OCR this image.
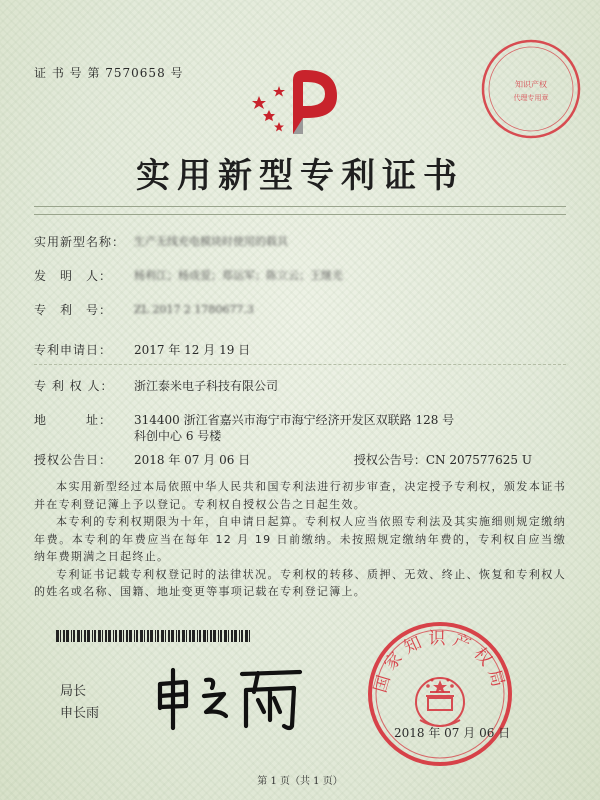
证 书 号 第 7570658 号
知识产权
代理专用章
实用新型专利证书
实用新型名称： 生产无线充电模块时使用的载具
发　明　人：	杨利江；杨成爱；郑运军；陈立云；王继光
专　利　号：	ZL 2017 2 1780677.3
专利申请日：	2017 年 12 月 19 日
专 利 权 人：	浙江泰米电子科技有限公司
地　　　址：	314400 浙江省嘉兴市海宁市海宁经济开发区双联路 128 号
科创中心 6 号楼
授权公告日：	2018 年 07 月 06 日	授权公告号：CN 207577625 U

本实用新型经过本局依照中华人民共和国专利法进行初步审查，决定授予专利权，颁发本证书并在专利登记簿上予以登记。专利权自授权公告之日起生效。

本专利的专利权期限为十年，自申请日起算。专利权人应当依照专利法及其实施细则规定缴纳年费。本专利的年费应当在每年 12 月 19 日前缴纳。未按照规定缴纳年费的，专利权自应当缴纳年费期满之日起终止。

专利证书记载专利权登记时的法律状况。专利权的转移、质押、无效、终止、恢复和专利权人的姓名或名称、国籍、地址变更等事项记载在专利登记簿上。

局长
申长雨
国家知识产权局
2018 年 07 月 06 日
第 1 页（共 1 页）
